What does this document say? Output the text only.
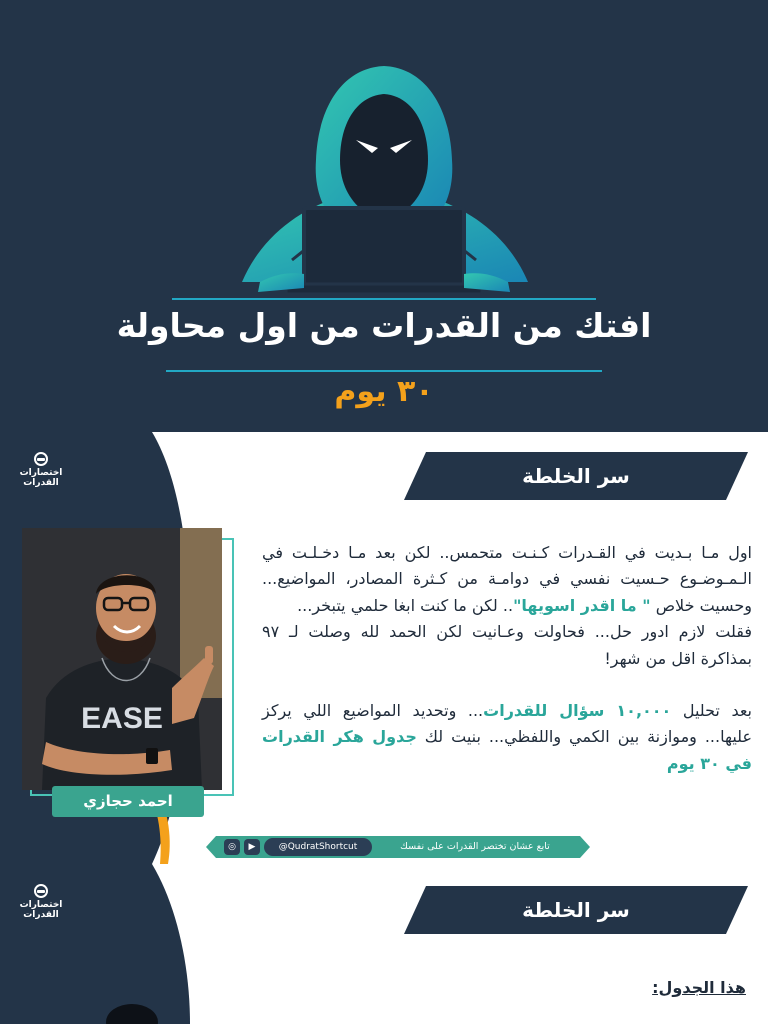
افتك من القدرات من اول محاولة
٣٠ يوم
اختصارات
القدرات	سر الخلطة
EASE
احمد حجازي

اول مـا بـديت في القـدرات كـنـت متحمس.. لكن بعد مـا دخـلـت في الـمـوضـوع حـسيت نفسي في دوامـة من كـثرة المصادر، المواضيع... وحسيت خلاص " ما اقدر اسويها".. لكن ما كنت ابغا حلمي يتبخر...

فقلت لازم ادور حل... فحاولت وعـانيت لكن الحمد لله وصلت لـ ٩٧ بمذاكرة اقل من شهر!

بعد تحليل ١٠,٠٠٠ سؤال للقدرات... وتحديد المواضيع اللي يركز عليها... وموازنة بين الكمي واللفظي... بنيت لك جدول هكر القدرات في ٣٠ يوم

◎	▶	@QudratShortcut	تابع عشان تختصر القدرات على نفسك
اختصارات
القدرات	سر الخلطة
هذا الجدول:
